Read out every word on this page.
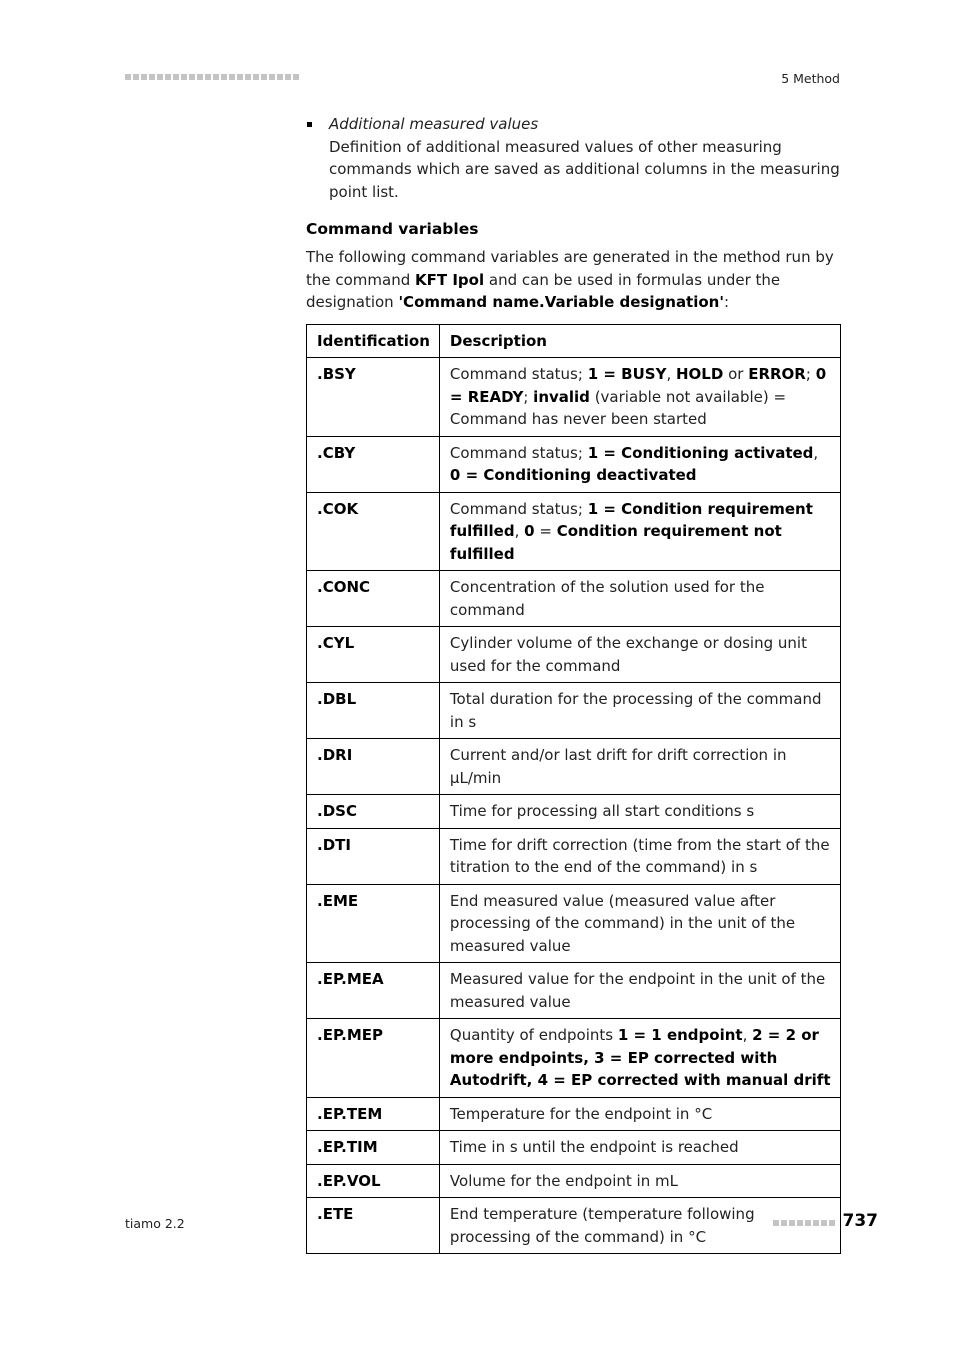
5 Method
Additional measured values
Definition of additional measured values of other measuring commands which are saved as additional columns in the measuring point list.
Command variables
The following command variables are generated in the method run by the command KFT Ipol and can be used in formulas under the designation 'Command name.Variable designation':
Identification	Description
.BSY	Command status; 1 = BUSY, HOLD or ERROR; 0 = READY; invalid (variable not available) = Command has never been started
.CBY	Command status; 1 = Conditioning activated, 0 = Conditioning deactivated
.COK	Command status; 1 = Condition requirement fulfilled, 0 = Condition requirement not fulfilled
.CONC	Concentration of the solution used for the command
.CYL	Cylinder volume of the exchange or dosing unit used for the command
.DBL	Total duration for the processing of the command in s
.DRI	Current and/or last drift for drift correction in µL/min
.DSC	Time for processing all start conditions s
.DTI	Time for drift correction (time from the start of the titration to the end of the command) in s
.EME	End measured value (measured value after processing of the command) in the unit of the measured value
.EP.MEA	Measured value for the endpoint in the unit of the measured value
.EP.MEP	Quantity of endpoints 1 = 1 endpoint, 2 = 2 or more endpoints, 3 = EP corrected with Autodrift, 4 = EP corrected with manual drift
.EP.TEM	Temperature for the endpoint in °C
.EP.TIM	Time in s until the endpoint is reached
.EP.VOL	Volume for the endpoint in mL
.ETE	End temperature (temperature following processing of the command) in °C
tiamo 2.2	737
